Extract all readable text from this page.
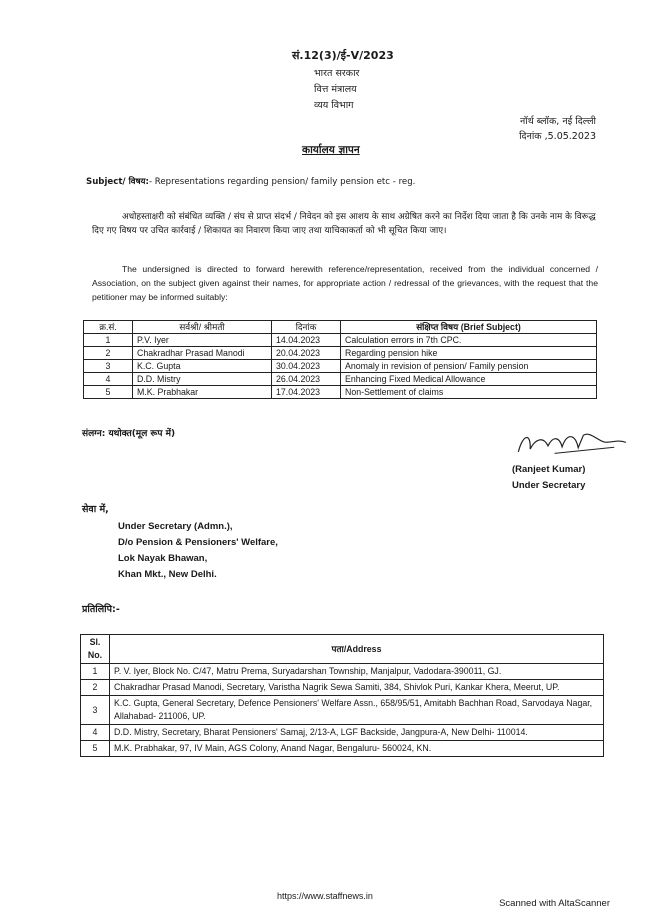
सं.12(3)/ई-V/2023
भारत सरकार
वित्त मंत्रालय
व्यय विभाग
नॉर्थ ब्लॉक, नई दिल्ली
दिनांक ,5.05.2023
कार्यालय ज्ञापन
Subject/ विषय:- Representations regarding pension/ family pension etc - reg.
अधोहस्ताक्षरी को संबंधित व्यक्ति / संघ से प्राप्त संदर्भ / निवेदन को इस आशय के साथ अग्रेषित करने का निर्देश दिया जाता है कि उनके नाम के विरूद्ध दिए गए विषय पर उचित कार्रवाई / शिकायत का निवारण किया जाए तथा याचिकाकर्ता को भी सूचित किया जाए।
The undersigned is directed to forward herewith reference/representation, received from the individual concerned / Association, on the subject given against their names, for appropriate action / redressal of the grievances, with the request that the petitioner may be informed suitably:
क्र.सं.	सर्वश्री/ श्रीमती	दिनांक	संक्षिप्त विषय (Brief Subject)
1	P.V. Iyer	14.04.2023	Calculation errors in 7th CPC.
2	Chakradhar Prasad Manodi	20.04.2023	Regarding pension hike
3	K.C. Gupta	30.04.2023	Anomaly in revision of pension/ Family pension
4	D.D. Mistry	26.04.2023	Enhancing Fixed Medical Allowance
5	M.K. Prabhakar	17.04.2023	Non-Settlement of claims
संलग्न: यथोक्त(मूल रूप में)
(Ranjeet Kumar)
Under Secretary
सेवा में,
Under Secretary (Admn.),
D/o Pension & Pensioners' Welfare,
Lok Nayak Bhawan,
Khan Mkt., New Delhi.
प्रतिलिपि:-
Sl. No.	पता/Address
1	P. V. Iyer, Block No. C/47, Matru Prema, Suryadarshan Township, Manjalpur, Vadodara-390011, GJ.
2	Chakradhar Prasad Manodi, Secretary, Varistha Nagrik Sewa Samiti, 384, Shivlok Puri, Kankar Khera, Meerut, UP.
3	K.C. Gupta, General Secretary, Defence Pensioners' Welfare Assn., 658/95/51, Amitabh Bachhan Road, Sarvodaya Nagar, Allahabad- 211006, UP.
4	D.D. Mistry, Secretary, Bharat Pensioners' Samaj, 2/13-A, LGF Backside, Jangpura-A, New Delhi- 110014.
5	M.K. Prabhakar, 97, IV Main, AGS Colony, Anand Nagar, Bengaluru- 560024, KN.
https://www.staffnews.in
Scanned with AltaScanner
